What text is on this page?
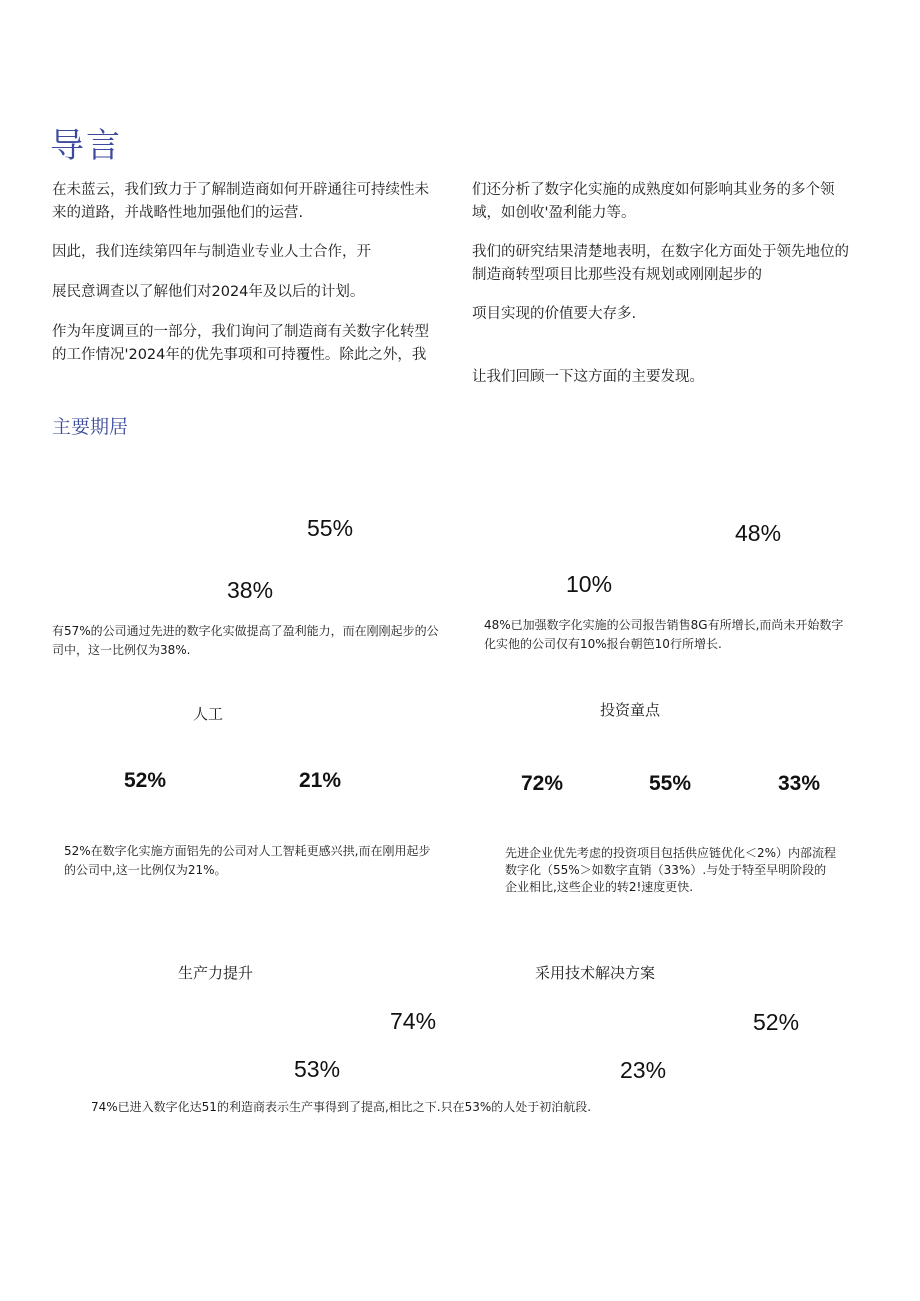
导言
在未蓝云，我们致力于了解制造商如何开辟通往可持续性未
来的道路，并战略性地加强他们的运营.
因此，我们连续第四年与制造业专业人士合作，开
展民意调查以了解他们对2024年及以后的计划。
作为年度调亘的一部分，我们询问了制造商有关数字化转型
的工作情况'2024年的优先事项和可持覆性。除此之外，我
们还分析了数字化实施的成熟度如何影响其业务的多个领
域，如创收'盈利能力等。
我们的研究结果清楚地表明，在数字化方面处于领先地位的
制造商转型项目比那些没有规划或刚刚起步的
项目实现的价值要大存多.
让我们回顾一下这方面的主要发现。
主要期居
55%
38%
有57%的公司通过先进的数字化实做提高了盈利能力，而在刚刚起步的公
司中，这一比例仅为38%.
48%
10%
48%已加强数字化实施的公司报告销售8G有所增长,而尚未开始数字
化实他的公司仅有10%报台朝笆10行所增长.
人工
52%	21%
52%在数字化实施方面铝先的公司对人工智耗更感兴拱,而在刚用起步
的公司中,这一比例仅为21%。
投资童点
72%	55%	33%
先进企业优先考虑的投资项目包括供应链优化＜2%）内部流程
数字化（55%＞如数字直销（33%）.与处于特至早明阶段的
企业相比,这些企业的转2!速度更快.
生产力提升
74%
53%
74%已进入数字化达51的利造商表示生产事得到了提高,相比之下.只在53%的人处于初泊航段.
采用技术解决方案
52%
23%
